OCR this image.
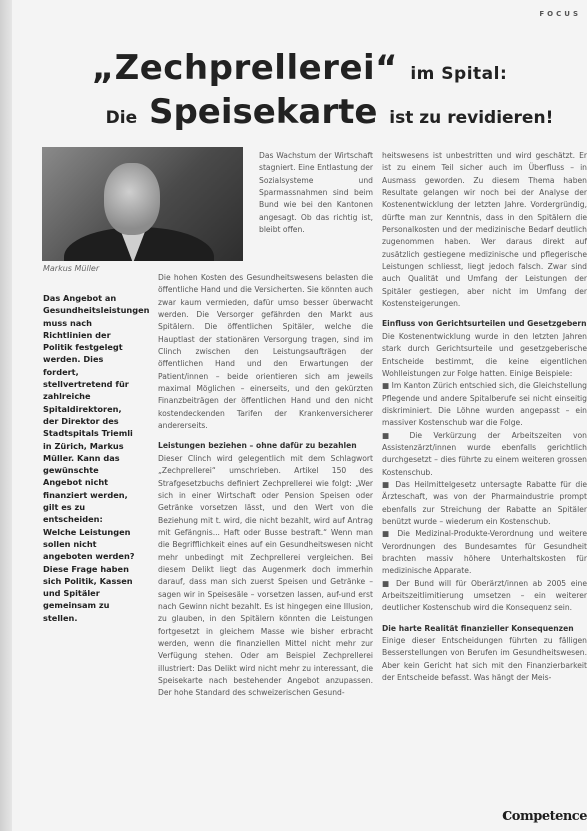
FOCUS
„Zechprellerei“ im Spital:
Die Speisekarte ist zu revidieren!
Markus Müller
Das Angebot an Gesundheitsleistungen muss nach Richtlinien der Politik festgelegt werden. Dies fordert, stellvertretend für zahlreiche Spitaldirektoren, der Direktor des Stadtspitals Triemli in Zürich, Markus Müller. Kann das gewünschte Angebot nicht finanziert werden, gilt es zu entscheiden: Welche Leistungen sollen nicht angeboten werden? Diese Frage haben sich Politik, Kassen und Spitäler gemeinsam zu stellen.

Das Wachstum der Wirtschaft stagniert. Eine Entlastung der Sozialsysteme und Sparmassnahmen sind beim Bund wie bei den Kantonen angesagt. Ob das richtig ist, bleibt offen.

Die hohen Kosten des Gesundheitswesens belasten die öffentliche Hand und die Versicherten. Sie könnten auch zwar kaum vermieden, dafür umso besser überwacht werden. Die Versorger gefährden den Markt aus Spitälern. Die öffentlichen Spitäler, welche die Hauptlast der stationären Versorgung tragen, sind im Clinch zwischen den Leistungsaufträgen der öffentlichen Hand und den Erwartungen der Patient/innen – beide orientieren sich am jeweils maximal Möglichen – einerseits, und den gekürzten Finanzbeiträgen der öffentlichen Hand und den nicht kostendeckenden Tarifen der Krankenversicherer andererseits.

Leistungen beziehen – ohne dafür zu bezahlen

Dieser Clinch wird gelegentlich mit dem Schlagwort „Zechprellerei“ umschrieben. Artikel 150 des Strafgesetzbuchs definiert Zechprellerei wie folgt: „Wer sich in einer Wirtschaft oder Pension Speisen oder Getränke vorsetzen lässt, und den Wert von die Beziehung mit t. wird, die nicht bezahlt, wird auf Antrag mit Gefängnis... Haft oder Busse bestraft.“ Wenn man die Begrifflichkeit eines auf ein Gesundheitswesen nicht mehr unbedingt mit Zechprellerei vergleichen. Bei diesem Delikt liegt das Augenmerk doch immerhin darauf, dass man sich zuerst Speisen und Getränke – sagen wir in Speisesäle – vorsetzen lassen, auf-und erst nach Gewinn nicht bezahlt. Es ist hingegen eine Illusion, zu glauben, in den Spitälern könnten die Leistungen fortgesetzt in gleichem Masse wie bisher erbracht werden, wenn die finanziellen Mittel nicht mehr zur Verfügung stehen. Oder am Beispiel Zechprellerei illustriert: Das Delikt wird nicht mehr zu interessant, die Speisekarte nach bestehender Angebot anzupassen. Der hohe Standard des schweizerischen Gesund-

heitswesens ist unbestritten und wird geschätzt. Er ist zu einem Teil sicher auch im Überfluss – in Ausmass geworden. Zu diesem Thema haben Resultate gelangen wir noch bei der Analyse der Kostenentwicklung der letzten Jahre. Vordergründig, dürfte man zur Kenntnis, dass in den Spitälern die Personalkosten und der medizinische Bedarf deutlich zugenommen haben. Wer daraus direkt auf zusätzlich gestiegene medizinische und pflegerische Leistungen schliesst, liegt jedoch falsch. Zwar sind auch Qualität und Umfang der Leistungen der Spitäler gestiegen, aber nicht im Umfang der Kostensteigerungen.

Einfluss von Gerichtsurteilen und Gesetzgebern

Die Kostenentwicklung wurde in den letzten Jahren stark durch Gerichtsurteile und gesetzgeberische Entscheide bestimmt, die keine eigentlichen Wohlleistungen zur Folge hatten. Einige Beispiele:

■ Im Kanton Zürich entschied sich, die Gleichstellung Pflegende und andere Spitalberufe sei nicht einseitig diskriminiert. Die Löhne wurden angepasst – ein massiver Kostenschub war die Folge.

■ Die Verkürzung der Arbeitszeiten von Assistenzärzt/innen wurde ebenfalls gerichtlich durchgesetzt – dies führte zu einem weiteren grossen Kostenschub.

■ Das Heilmittelgesetz untersagte Rabatte für die Ärzteschaft, was von der Pharmaindustrie prompt ebenfalls zur Streichung der Rabatte an Spitäler benützt wurde – wiederum ein Kostenschub.

■ Die Medizinal-Produkte-Verordnung und weitere Verordnungen des Bundesamtes für Gesundheit brachten massiv höhere Unterhaltskosten für medizinische Apparate.

■ Der Bund will für Oberärzt/innen ab 2005 eine Arbeitszeitlimitierung umsetzen – ein weiterer deutlicher Kostenschub wird die Konsequenz sein.

Die harte Realität finanzieller Konsequenzen

Einige dieser Entscheidungen führten zu fälligen Besserstellungen von Berufen im Gesundheitswesen. Aber kein Gericht hat sich mit den Finanzierbarkeit der Entscheide befasst. Was hängt der Meis-

competence
